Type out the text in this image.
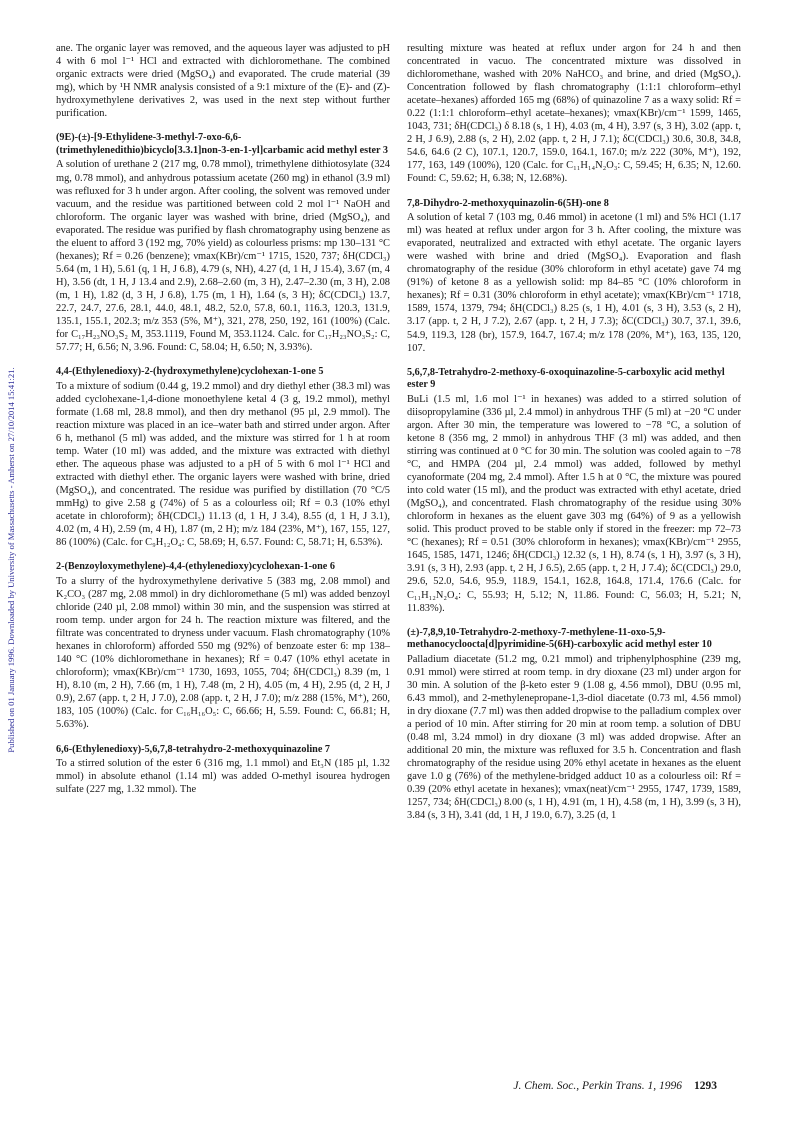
Published on 01 January 1996. Downloaded by University of Massachusetts - Amherst on 27/10/2014 15:41:21.

ane. The organic layer was removed, and the aqueous layer was adjusted to pH 4 with 6 mol l⁻¹ HCl and extracted with dichloromethane. The combined organic extracts were dried (MgSO₄) and evaporated. The crude material (39 mg), which by ¹H NMR analysis consisted of a 9:1 mixture of the (E)- and (Z)-hydroxymethylene derivatives 2, was used in the next step without further purification.

(9E)-(±)-[9-Ethylidene-3-methyl-7-oxo-6,6-(trimethylenedithio)bicyclo[3.3.1]non-3-en-1-yl]carbamic acid methyl ester 3

A solution of urethane 2 (217 mg, 0.78 mmol), trimethylene dithiotosylate (324 mg, 0.78 mmol), and anhydrous potassium acetate (260 mg) in ethanol (3.9 ml) was refluxed for 3 h under argon. After cooling, the solvent was removed under vacuum, and the residue was partitioned between cold 2 mol l⁻¹ NaOH and chloroform. The organic layer was washed with brine, dried (MgSO₄), and evaporated. The residue was purified by flash chromatography using benzene as the eluent to afford 3 (192 mg, 70% yield) as colourless prisms: mp 130–131 °C (hexanes); Rf = 0.26 (benzene); νmax(KBr)/cm⁻¹ 1715, 1520, 737; δH(CDCl₃) 5.64 (m, 1 H), 5.61 (q, 1 H, J 6.8), 4.79 (s, NH), 4.27 (d, 1 H, J 15.4), 3.67 (m, 4 H), 3.56 (dt, 1 H, J 13.4 and 2.9), 2.68–2.60 (m, 3 H), 2.47–2.30 (m, 3 H), 2.08 (m, 1 H), 1.82 (d, 3 H, J 6.8), 1.75 (m, 1 H), 1.64 (s, 3 H); δC(CDCl₃) 13.7, 22.7, 24.7, 27.6, 28.1, 44.0, 48.1, 48.2, 52.0, 57.8, 60.1, 116.3, 120.3, 131.9, 135.1, 155.1, 202.3; m/z 353 (5%, M⁺), 321, 278, 250, 192, 161 (100%) (Calc. for C₁₇H₂₃NO₃S₂ M, 353.1119, Found M, 353.1124. Calc. for C₁₇H₂₃NO₃S₂: C, 57.77; H, 6.56; N, 3.96. Found: C, 58.04; H, 6.50; N, 3.93%).

4,4-(Ethylenedioxy)-2-(hydroxymethylene)cyclohexan-1-one 5

To a mixture of sodium (0.44 g, 19.2 mmol) and dry diethyl ether (38.3 ml) was added cyclohexane-1,4-dione monoethylene ketal 4 (3 g, 19.2 mmol), methyl formate (1.68 ml, 28.8 mmol), and then dry methanol (95 µl, 2.9 mmol). The reaction mixture was placed in an ice–water bath and stirred under argon. After 6 h, methanol (5 ml) was added, and the mixture was stirred for 1 h at room temp. Water (10 ml) was added, and the mixture was extracted with diethyl ether. The aqueous phase was adjusted to a pH of 5 with 6 mol l⁻¹ HCl and extracted with diethyl ether. The organic layers were washed with brine, dried (MgSO₄), and concentrated. The residue was purified by distillation (70 °C/5 mmHg) to give 2.58 g (74%) of 5 as a colourless oil; Rf = 0.3 (10% ethyl acetate in chloroform); δH(CDCl₃) 11.13 (d, 1 H, J 3.4), 8.55 (d, 1 H, J 3.1), 4.02 (m, 4 H), 2.59 (m, 4 H), 1.87 (m, 2 H); m/z 184 (23%, M⁺), 167, 155, 127, 86 (100%) (Calc. for C₉H₁₂O₄: C, 58.69; H, 6.57. Found: C, 58.71; H, 6.53%).

2-(Benzoyloxymethylene)-4,4-(ethylenedioxy)cyclohexan-1-one 6

To a slurry of the hydroxymethylene derivative 5 (383 mg, 2.08 mmol) and K₂CO₃ (287 mg, 2.08 mmol) in dry dichloromethane (5 ml) was added benzoyl chloride (240 µl, 2.08 mmol) within 30 min, and the suspension was stirred at room temp. under argon for 24 h. The reaction mixture was filtered, and the filtrate was concentrated to dryness under vacuum. Flash chromatography (10% hexanes in chloroform) afforded 550 mg (92%) of benzoate ester 6: mp 138–140 °C (10% dichloromethane in hexanes); Rf = 0.47 (10% ethyl acetate in chloroform); νmax(KBr)/cm⁻¹ 1730, 1693, 1055, 704; δH(CDCl₃) 8.39 (m, 1 H), 8.10 (m, 2 H), 7.66 (m, 1 H), 7.48 (m, 2 H), 4.05 (m, 4 H), 2.95 (d, 2 H, J 0.9), 2.67 (app. t, 2 H, J 7.0), 2.08 (app. t, 2 H, J 7.0); m/z 288 (15%, M⁺), 260, 183, 105 (100%) (Calc. for C₁₆H₁₆O₅: C, 66.66; H, 5.59. Found: C, 66.81; H, 5.63%).

6,6-(Ethylenedioxy)-5,6,7,8-tetrahydro-2-methoxyquinazoline 7

To a stirred solution of the ester 6 (316 mg, 1.1 mmol) and Et₃N (185 µl, 1.32 mmol) in absolute ethanol (1.14 ml) was added O-methyl isourea hydrogen sulfate (227 mg, 1.32 mmol). The

resulting mixture was heated at reflux under argon for 24 h and then concentrated in vacuo. The concentrated mixture was dissolved in dichloromethane, washed with 20% NaHCO₃ and brine, and dried (MgSO₄). Concentration followed by flash chromatography (1:1:1 chloroform–ethyl acetate–hexanes) afforded 165 mg (68%) of quinazoline 7 as a waxy solid: Rf = 0.22 (1:1:1 chloroform–ethyl acetate–hexanes); νmax(KBr)/cm⁻¹ 1599, 1465, 1043, 731; δH(CDCl₃) δ 8.18 (s, 1 H), 4.03 (m, 4 H), 3.97 (s, 3 H), 3.02 (app. t, 2 H, J 6.9), 2.88 (s, 2 H), 2.02 (app. t, 2 H, J 7.1); δC(CDCl₃) 30.6, 30.8, 34.8, 54.6, 64.6 (2 C), 107.1, 120.7, 159.0, 164.1, 167.0; m/z 222 (30%, M⁺), 192, 177, 163, 149 (100%), 120 (Calc. for C₁₁H₁₄N₂O₃: C, 59.45; H, 6.35; N, 12.60. Found: C, 59.62; H, 6.38; N, 12.68%).

7,8-Dihydro-2-methoxyquinazolin-6(5H)-one 8

A solution of ketal 7 (103 mg, 0.46 mmol) in acetone (1 ml) and 5% HCl (1.17 ml) was heated at reflux under argon for 3 h. After cooling, the mixture was evaporated, neutralized and extracted with ethyl acetate. The organic layers were washed with brine and dried (MgSO₄). Evaporation and flash chromatography of the residue (30% chloroform in ethyl acetate) gave 74 mg (91%) of ketone 8 as a yellowish solid: mp 84–85 °C (10% chloroform in hexanes); Rf = 0.31 (30% chloroform in ethyl acetate); νmax(KBr)/cm⁻¹ 1718, 1589, 1574, 1379, 794; δH(CDCl₃) 8.25 (s, 1 H), 4.01 (s, 3 H), 3.53 (s, 2 H), 3.17 (app. t, 2 H, J 7.2), 2.67 (app. t, 2 H, J 7.3); δC(CDCl₃) 30.7, 37.1, 39.6, 54.9, 119.3, 128 (br), 157.9, 164.7, 167.4; m/z 178 (20%, M⁺), 163, 135, 120, 107.

5,6,7,8-Tetrahydro-2-methoxy-6-oxoquinazoline-5-carboxylic acid methyl ester 9

BuLi (1.5 ml, 1.6 mol l⁻¹ in hexanes) was added to a stirred solution of diisopropylamine (336 µl, 2.4 mmol) in anhydrous THF (5 ml) at −20 °C under argon. After 30 min, the temperature was lowered to −78 °C, a solution of ketone 8 (356 mg, 2 mmol) in anhydrous THF (3 ml) was added, and then stirring was continued at 0 °C for 30 min. The solution was cooled again to −78 °C, and HMPA (204 µl, 2.4 mmol) was added, followed by methyl cyanoformate (204 mg, 2.4 mmol). After 1.5 h at 0 °C, the mixture was poured into cold water (15 ml), and the product was extracted with ethyl acetate, dried (MgSO₄), and concentrated. Flash chromatography of the residue using 30% chloroform in hexanes as the eluent gave 303 mg (64%) of 9 as a yellowish solid. This product proved to be stable only if stored in the freezer: mp 72–73 °C (hexanes); Rf = 0.51 (30% chloroform in hexanes); νmax(KBr)/cm⁻¹ 2955, 1645, 1585, 1471, 1246; δH(CDCl₃) 12.32 (s, 1 H), 8.74 (s, 1 H), 3.97 (s, 3 H), 3.91 (s, 3 H), 2.93 (app. t, 2 H, J 6.5), 2.65 (app. t, 2 H, J 7.4); δC(CDCl₃) 29.0, 29.6, 52.0, 54.6, 95.9, 118.9, 154.1, 162.8, 164.8, 171.4, 176.6 (Calc. for C₁₁H₁₂N₂O₄: C, 55.93; H, 5.12; N, 11.86. Found: C, 56.03; H, 5.21; N, 11.83%).

(±)-7,8,9,10-Tetrahydro-2-methoxy-7-methylene-11-oxo-5,9-methanocycloocta[d]pyrimidine-5(6H)-carboxylic acid methyl ester 10

Palladium diacetate (51.2 mg, 0.21 mmol) and triphenylphosphine (239 mg, 0.91 mmol) were stirred at room temp. in dry dioxane (23 ml) under argon for 30 min. A solution of the β-keto ester 9 (1.08 g, 4.56 mmol), DBU (0.95 ml, 6.43 mmol), and 2-methylenepropane-1,3-diol diacetate (0.73 ml, 4.56 mmol) in dry dioxane (7.7 ml) was then added dropwise to the palladium complex over a period of 10 min. After stirring for 20 min at room temp. a solution of DBU (0.48 ml, 3.24 mmol) in dry dioxane (3 ml) was added dropwise. After an additional 20 min, the mixture was refluxed for 3.5 h. Concentration and flash chromatography of the residue using 20% ethyl acetate in hexanes as the eluent gave 1.0 g (76%) of the methylene-bridged adduct 10 as a colourless oil: Rf = 0.39 (20% ethyl acetate in hexanes); νmax(neat)/cm⁻¹ 2955, 1747, 1739, 1589, 1257, 734; δH(CDCl₃) 8.00 (s, 1 H), 4.91 (m, 1 H), 4.58 (m, 1 H), 3.99 (s, 3 H), 3.84 (s, 3 H), 3.41 (dd, 1 H, J 19.0, 6.7), 3.25 (d, 1

J. Chem. Soc., Perkin Trans. 1, 1996 1293
